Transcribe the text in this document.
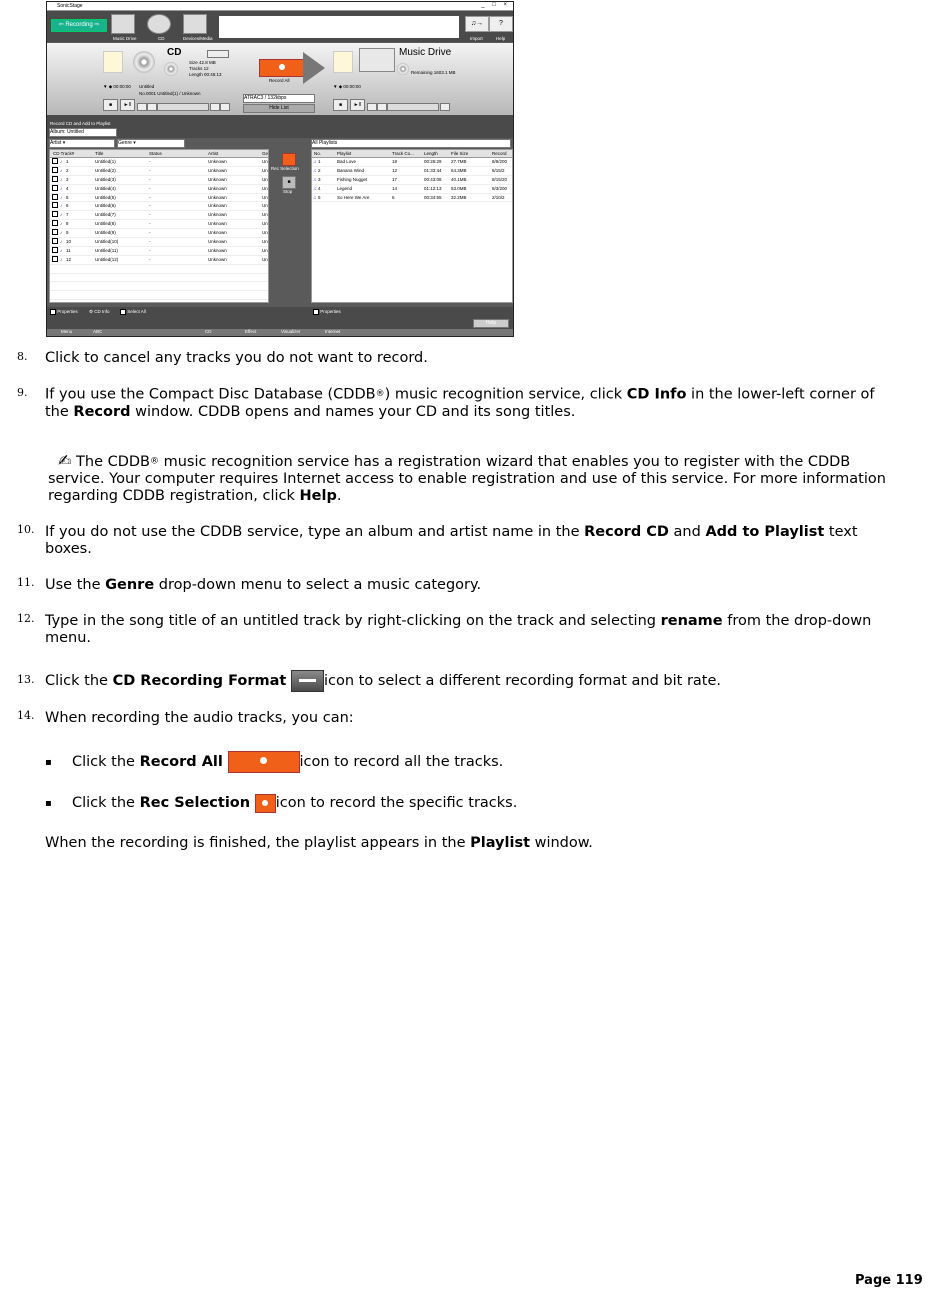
SonicStage	_ □ ×
⇦ Recording ⇨
Music Drive	CD	Devices/Media
♫→	?
Import	Help
CD
Size 42.8 MB
Tracks 12
Length 00:46:13
▼ ◆ 00:00:00 Untitled
No.0001 Untitled(1) / Unknown
■	►II
Record All
ATRAC3 / 132kbps
Hide List
Music Drive
Remaining 1603.1 MB
▼ ◆ 00:00:00
■	►II
Record CD and Add to Playlist
Album: Untitled
Artist ▾	Genre ▾	All Playlists
CD Track#	Title	Status	Artist	Ge
♪ 1	Untitled(1)	-	Unknown	Un
♪ 2	Untitled(2)	-	Unknown	Un
♪ 3	Untitled(3)	-	Unknown	Un
♪ 4	Untitled(4)	-	Unknown	Un
♪ 5	Untitled(5)	-	Unknown	Un
♪ 6	Untitled(6)	-	Unknown	Un
♪ 7	Untitled(7)	-	Unknown	Un
♪ 8	Untitled(8)	-	Unknown	Un
♪ 9	Untitled(9)	-	Unknown	Un
♪ 10	Untitled(10)	-	Unknown	Un
♪ 11	Untitled(11)	-	Unknown	Un
♪ 12	Untitled(12)	-	Unknown	Un
Rec Selection
■
Stop
No.	Playlist	Track Co... Length	File Size	Record
♫ 1	Bad Love	18	00:26:29 27.7MB	8/9/200
♫ 2	Banana Wind	12	01:33:44 64.3MB	8/15/2
♫ 3	Fishing Nugget	17	00:43:08 40.1MB	8/15/20
♫ 4	Legend	14	01:12:13 53.0MB	8/3/200
♫ 5	So Here We Are	6	00:34:55 32.2MB	2/10/2
Properties ⚙ CD Info	Select All	Properties
Help
Menu	ABC	CD	Effect	Visualizer	Internet
8.	Click to cancel any tracks you do not want to record.
9.	If you use the Compact Disc Database (CDDB®) music recognition service, click CD Info in the lower-left corner of
the Record window. CDDB opens and names your CD and its song titles.
✍ The CDDB® music recognition service has a registration wizard that enables you to register with the CDDB
service. Your computer requires Internet access to enable registration and use of this service. For more information
regarding CDDB registration, click Help.
10. If you do not use the CDDB service, type an album and artist name in the Record CD and Add to Playlist text
boxes.
11. Use the Genre drop-down menu to select a music category.
12. Type in the song title of an untitled track by right-clicking on the track and selecting rename from the drop-down
menu.
13. Click the CD Recording Format	icon to select a different recording format and bit rate.
14. When recording the audio tracks, you can:
▪ Click the Record All	icon to record all the tracks.
▪ Click the Rec Selection icon to record the specific tracks.
When the recording is finished, the playlist appears in the Playlist window.
Page 119
